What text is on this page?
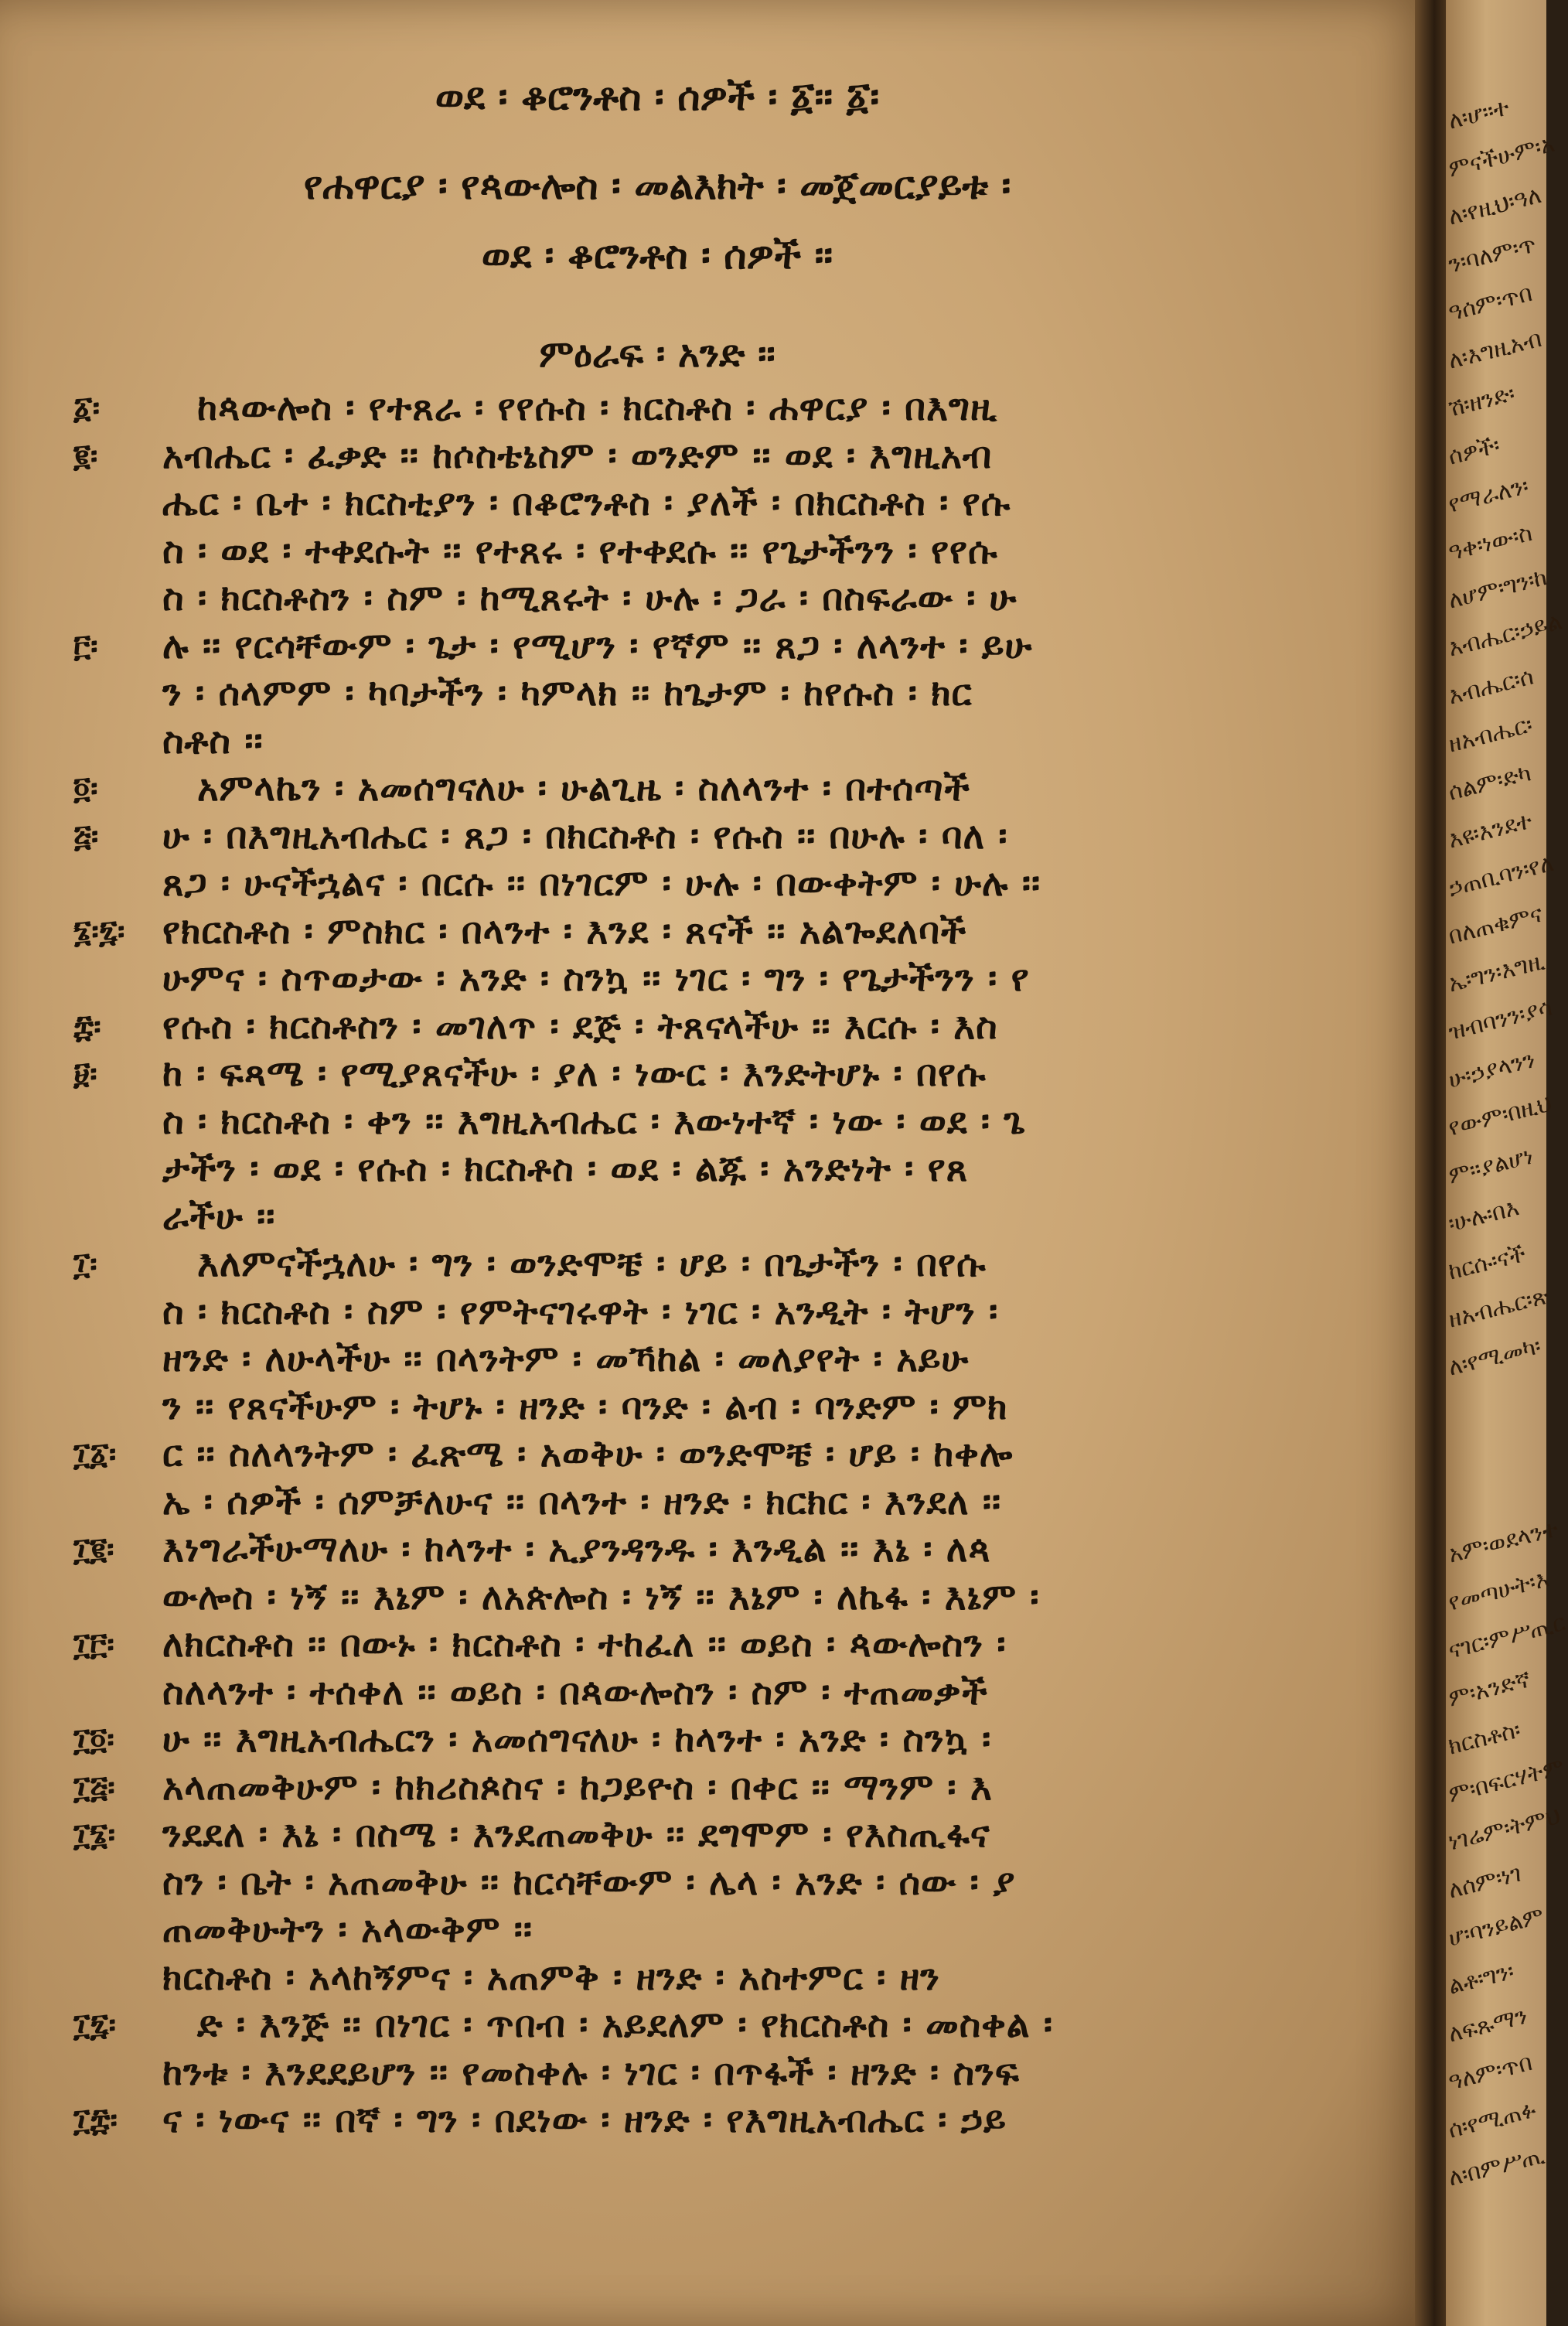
ወደ ፡ ቆሮንቶስ ፡ ሰዎች ፡ ፩፡፡ ፩፡
የሐዋርያ ፡ የጳውሎስ ፡ መልእክት ፡ መጀመርያይቱ ፡
ወደ ፡ ቆሮንቶስ ፡ ሰዎች ፡፡
ምዕራፍ ፡ አንድ ፡፡
ከጳውሎስ ፡ የተጸራ ፡ የየሱስ ፡ ክርስቶስ ፡ ሐዋርያ ፡ በእግዚ
አብሔር ፡ ፈቃድ ፡፡ ከሶስቴኔስም ፡ ወንድም ፡፡ ወደ ፡ እግዚአብ
ሔር ፡ ቤተ ፡ ክርስቲያን ፡ በቆሮንቶስ ፡ ያለች ፡ በክርስቶስ ፡ የሱ
ስ ፡ ወደ ፡ ተቀደሱት ፡፡ የተጸሩ ፡ የተቀደሱ ፡፡ የጌታችንን ፡ የየሱ
ስ ፡ ክርስቶስን ፡ ስም ፡ ከሚጸሩት ፡ ሁሉ ፡ ጋራ ፡ በስፍራው ፡ ሁ
ሉ ፡፡ የርሳቸውም ፡ ጌታ ፡ የሚሆን ፡ የኛም ፡፡ ጸጋ ፡ ለላንተ ፡ ይሁ
ን ፡ ሰላምም ፡ ካባታችን ፡ ካምላክ ፡፡ ከጌታም ፡ ከየሱስ ፡ ክር
ስቶስ ፡፡
አምላኬን ፡ አመሰግናለሁ ፡ ሁልጊዜ ፡ ስለላንተ ፡ በተሰጣች
ሁ ፡ በእግዚአብሔር ፡ ጸጋ ፡ በክርስቶስ ፡ የሱስ ፡፡ በሁሉ ፡ ባለ ፡
ጸጋ ፡ ሁናችኋልና ፡ በርሱ ፡፡ በነገርም ፡ ሁሉ ፡ በውቀትም ፡ ሁሉ ፡፡
የክርስቶስ ፡ ምስክር ፡ በላንተ ፡ እንደ ፡ ጸናች ፡፡ አልጐደለባች
ሁምና ፡ ስጥወታው ፡ አንድ ፡ ስንኳ ፡፡ ነገር ፡ ግን ፡ የጌታችንን ፡ የ
የሱስ ፡ ክርስቶስን ፡ መገለጥ ፡ ደጅ ፡ ትጸናላችሁ ፡፡ እርሱ ፡ እስ
ከ ፡ ፍጻሜ ፡ የሚያጸናችሁ ፡ ያለ ፡ ነውር ፡ እንድትሆኑ ፡ በየሱ
ስ ፡ ክርስቶስ ፡ ቀን ፡፡ እግዚአብሔር ፡ እውነተኛ ፡ ነው ፡ ወደ ፡ ጌ
ታችን ፡ ወደ ፡ የሱስ ፡ ክርስቶስ ፡ ወደ ፡ ልጁ ፡ አንድነት ፡ የጸ
ራችሁ ፡፡
እለምናችኋለሁ ፡ ግን ፡ ወንድሞቼ ፡ ሆይ ፡ በጌታችን ፡ በየሱ
ስ ፡ ክርስቶስ ፡ ስም ፡ የምትናገሩዋት ፡ ነገር ፡ አንዲት ፡ ትሆን ፡
ዘንድ ፡ ለሁላችሁ ፡፡ በላንትም ፡ መኻከል ፡ መለያየት ፡ አይሁ
ን ፡፡ የጸናችሁም ፡ ትሆኑ ፡ ዘንድ ፡ ባንድ ፡ ልብ ፡ ባንድም ፡ ምክ
ር ፡፡ ስለላንትም ፡ ፈጽሜ ፡ አወቅሁ ፡ ወንድሞቼ ፡ ሆይ ፡ ከቀሎ
ኤ ፡ ሰዎች ፡ ሰምቻለሁና ፡፡ በላንተ ፡ ዘንድ ፡ ክርክር ፡ እንደለ ፡፡
እነግራችሁማለሁ ፡ ከላንተ ፡ ኢያንዳንዱ ፡ እንዲል ፡፡ እኔ ፡ ለጳ
ውሎስ ፡ ነኝ ፡፡ እኔም ፡ ለአጵሎስ ፡ ነኝ ፡፡ እኔም ፡ ለኬፋ ፡ እኔም ፡
ለክርስቶስ ፡፡ በውኑ ፡ ክርስቶስ ፡ ተከፈለ ፡፡ ወይስ ፡ ጳውሎስን ፡
ስለላንተ ፡ ተሰቀለ ፡፡ ወይስ ፡ በጳውሎስን ፡ ስም ፡ ተጠመቃች
ሁ ፡፡ እግዚአብሔርን ፡ አመሰግናለሁ ፡ ከላንተ ፡ አንድ ፡ ስንኳ ፡
አላጠመቅሁም ፡ ከክሪስጶስና ፡ ከጋይዮስ ፡ በቀር ፡፡ ማንም ፡ እ
ንደደለ ፡ እኔ ፡ በስሜ ፡ እንደጠመቅሁ ፡፡ ደግሞም ፡ የእስጢፋና
ስን ፡ ቤት ፡ አጠመቅሁ ፡፡ ከርሳቸውም ፡ ሌላ ፡ አንድ ፡ ሰው ፡ ያ
ጠመቅሁትን ፡ አላውቅም ፡፡
ክርስቶስ ፡ አላከኝምና ፡ አጠምቅ ፡ ዘንድ ፡ አስተምር ፡ ዘን
ድ ፡ እንጅ ፡፡ በነገር ፡ ጥበብ ፡ አይደለም ፡ የክርስቶስ ፡ መስቀል ፡
ከንቱ ፡ እንደደይሆን ፡፡ የመስቀሉ ፡ ነገር ፡ በጥፋች ፡ ዘንድ ፡ ስንፍ
ና ፡ ነውና ፡፡ በኛ ፡ ግን ፡ በደነው ፡ ዘንድ ፡ የእግዚአብሔር ፡ ኃይ
፩፡
፪፡
፫፡
፬፡
፭፡
፮፡፯፡
፰፡
፱፡
፲፡
፲፩፡
፲፪፡
፲፫፡
፲፬፡
፲፭፡
፲፮፡
፲፯፡
፲፰፡
ለ፡ሆ፡፡ተ
ምናችሁም፡አ
ለ፡የዚህ፡ዓለ
ን፡ባለም፡ጥ
ዓሰም፡ጥበ
ለ፡እግዚአብ
ሽ፡ዘንድ፡
ሰዎች፡
የማራለን፡
ዓቀ፡ነው፡ስ
ለሆም፡ግን፡ከ
እብሔር፡ኃይል
እብሔር፡ሰ
ዘአብሔር፡
ሰልም፡ድካ
እዩ፡እንደተ
ኃጠቢባን፡የለ
በለጠቁምና
ኤ፡ግን፡እግዚ
ዝብባንን፡ያሳ
ሁ፡ኃያላንን
የውም፡በዚህ
ም፡፡ያልሆነ
፡ሁሉ፡በእ
ከርሱ፡ናች
ዘአብሔር፡ጽ
ለ፡የሚመካ፡
አም፡ወደላንተ
የመጣሁት፡እ
ናገር፡ምሥጢር
ም፡አንድኛ
ክርስቶስ፡
ም፡በፍርሃትም
ነገሬም፡ትምህ
ለሰም፡ነገ
ሆ፡ባንይልም
ልቶ፡ግን፡
ለፍጹማን
ዓለም፡ጥበ
ሰ፡የሚጠፉ
ለ፡በምሥጢ
